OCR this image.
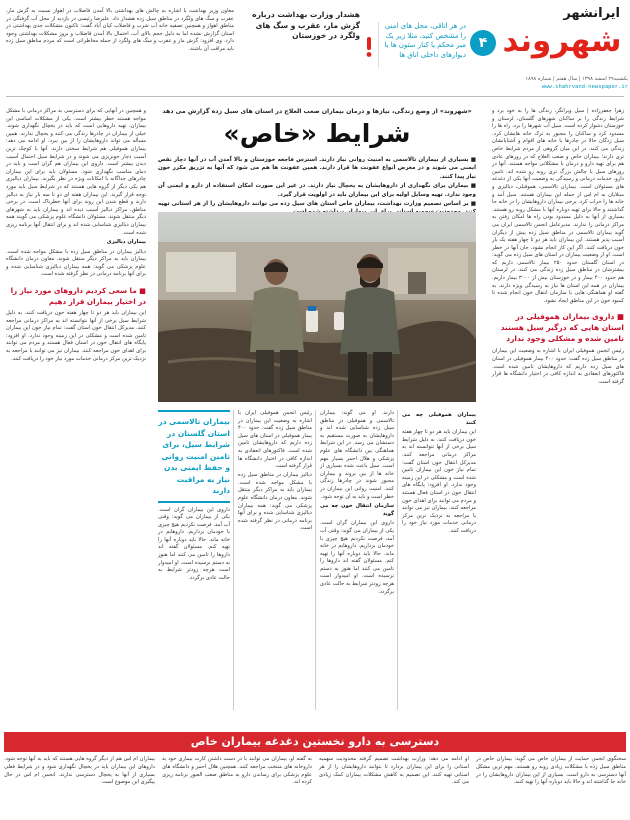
ایرانشهر
شهروند
۴
در هر اتاقی، محل های امنی را مشخص کنید، مثلا زیر یک میز محکم یا کنار ستون ها یا دیوارهای داخلی اتاق ها
یکشنبه۲۹ اسفند ۱۳۹۸ | سال هفتم | شماره ۱۸۹۸
www.shahrvand-newspaper.ir
هشدار وزارت بهداشت درباره گزش مار، عقرب و سگ های ولگرد در خوزستان
معاون وزیر بهداشت با اشاره به چالش های بهداشتی بالا آمدن فاضلاب در اهواز نسبت به گزش مار، عقرب و سگ های ولگرد در مناطق سیل زده هشدار داد. علیرضا رئیسی در بازدید از محل آب گرفتگی در مناطق اهواز و همچنین تصفیه خانه آب شرب و فاضلاب کیان آباد گفت: تاکنون مشکلات جدی بهداشتی در استان گزارش نشده اما به دلیل حجم بالای آب، احتمال بالا آمدن فاضلاب و بروز مشکلات بهداشتی وجود دارد. وی افزود: گزش مار و عقرب و سگ های ولگرد از جمله مخاطراتی است که مردم مناطق سیل زده باید مراقب آن باشند.

زهرا جعفرزاده | سیل ویرانگر، زندگی ها را به خود برد و شرایط زندگی را بر ساکنان شهرهای گلستان، لرستان و خوزستان دشوار کرده است. سیل آب شهرها را برد، راه ها را مسدود کرد و ساکنان را مجبور به ترک خانه هایشان کرد. سیل زدگان حالا در چادرها یا خانه های اقوام و آشنایانشان زندگی می کنند. در این میان گروهی از مردم شرایط خاص تری دارند؛ بیماران خاص و صعب العلاج که در روزهای عادی هم برای تهیه دارو و درمان با مشکلاتی مواجه هستند. آنها در روزهای سیل با چالش بزرگ تری روبه رو شده اند. تامین دارو، خدمات درمانی و رسیدگی به وضعیت آنها یکی از دغدغه های مسئولان است. بیماران تالاسمی، هموفیلی، دیالیزی و مبتلایان به ام اس از جمله این بیماران هستند. سیل آمد و خانه ها را خراب کرد. برخی بیماران داروهایشان را در خانه جا گذاشتند و حالا برای تهیه دوباره آنها با مشکل روبه رو هستند. بسیاری از آنها به دلیل مسدود بودن راه ها امکان رفتن به مراکز درمانی را ندارند. مدیرعامل انجمن تالاسمی ایران می گوید بیماران تالاسمی در مناطق سیل زده بیش از دیگران آسیب پذیر هستند. این بیماران باید هر دو تا چهار هفته یک بار خون دریافت کنند. اگر این کار انجام نشود، جان آنها در خطر است. او از وضعیت بیماران در استان های سیل زده می گوید: در استان گلستان حدود ۲۵۰ بیمار تالاسمی داریم که بیشترشان در مناطق سیل زده زندگی می کنند. در لرستان هم حدود ۴۰۰ بیمار و در خوزستان بیش از ۳۰۰۰ بیمار داریم. بیماران در همه این استان ها نیاز به رسیدگی ویژه دارند. به گفته او هماهنگی هایی با سازمان انتقال خون انجام شده تا کمبود خون در این مناطق ایجاد نشود.

■ داروی بیماران هموفیلی در استان هایی که درگیر سیل هستند تامین شده و مشکلی وجود ندارد

رئیس انجمن هموفیلی ایران با اشاره به وضعیت این بیماران در مناطق سیل زده گفت: حدود ۴۰۰ بیمار هموفیلی در استان های سیل زده داریم که داروهایشان تامین شده است. فاکتورهای انعقادی به اندازه کافی در اختیار دانشگاه ها قرار گرفته است.

و همچنین در آنهایی که برای دسترسی به مراکز درمانی با مشکل مواجه هستند خطر بیشتر است. یکی از مشکلات اساسی این بیماران، تهیه داروهایی است که باید در یخچال نگهداری شوند. خیلی از بیماران در چادرها زندگی می کنند و یخچال ندارند. همین مسأله می تواند داروهایشان را از بین ببرد. او ادامه می دهد: بیماران هموفیلی هم شرایط سختی دارند. آنها با کوچک ترین آسیب دچار خونریزی می شوند و در شرایط سیل احتمال آسیب دیدن بیشتر است. داروی این بیماران هم گران است و باید در دمای مناسب نگهداری شود. مسئولان باید برای این بیماران چادرهای جداگانه با امکانات ویژه در نظر بگیرند. بیماران دیالیزی هم یکی دیگر از گروه هایی هستند که در شرایط سیل باید مورد توجه قرار گیرند. این بیماران هفته ای دو تا سه بار نیاز به دیالیز دارند و قطع شدن این روند برای آنها خطرناک است. در برخی مناطق، مراکز دیالیز آسیب دیده اند و بیماران باید به شهرهای دیگر منتقل شوند. مسئولان دانشگاه علوم پزشکی می گویند همه بیماران دیالیزی شناسایی شده اند و برای انتقال آنها برنامه ریزی شده است.

بیماران دیالیزی

دیالیز بیماران در مناطق سیل زده با مشکل مواجه شده است. بیماران باید به مراکز دیگر منتقل شوند. معاون درمان دانشگاه علوم پزشکی می گوید: همه بیماران دیالیزی شناسایی شده و برای آنها برنامه درمانی در نظر گرفته شده است.

■ ما سعی کردیم داروهای مورد نیاز را در اختیار بیماران قرار دهیم

این بیماران باید هر دو تا چهار هفته خون دریافت کنند. به دلیل شرایط سیل برخی از آنها نتوانسته اند به مراکز درمانی مراجعه کنند. مدیرکل انتقال خون استان گفت: تمام نیاز خون این بیماران تامین شده است و مشکلی در این زمینه وجود ندارد. او افزود: پایگاه های انتقال خون در استان فعال هستند و مردم می توانند برای اهدای خون مراجعه کنند. بیماران نیز می توانند با مراجعه به نزدیک ترین مرکز درمانی خدمات مورد نیاز خود را دریافت کنند.

«شهروند» از وضع زندگی، نیازها و درمان بیماران صعب العلاج در استان های سیل زده گزارش می دهد
شرایط «خاص»

■ بسیاری از بیماران تالاسمی به امنیت روانی نیاز دارند. استرس فاجعه خوزستان و بالا آمدن آب در آنها دچار نقص ایمنی می شوند و در معرض انواع عفونت ها قرار دارند. همین عفونت ها هم می شود که آنها به تزریق مکرر خون نیاز پیدا کنند.

■ بیماران برای نگهداری از داروهایشان به یخچال نیاز دارند. در غیر این صورت امکان استفاده از دارو و ایمنی آن وجود ندارد. تهیه وسایل اولیه برای این بیماران باید در اولویت قرار گیرد.

■ بر اساس تصمیم وزارت بهداشت، بیماران خاص استان های سیل زده می توانند داروهایشان را از هر استانی تهیه

بیماران هموفیلی چه می کنند

این بیماران باید هر دو تا چهار هفته خون دریافت کنند. به دلیل شرایط سیل برخی از آنها نتوانسته اند به مراکز درمانی مراجعه کنند. مدیرکل انتقال خون استان گفت: تمام نیاز خون این بیماران تامین شده است و مشکلی در این زمینه وجود ندارد. او افزود: پایگاه های انتقال خون در استان فعال هستند و مردم می توانند برای اهدای خون مراجعه کنند. بیماران نیز می توانند با مراجعه به نزدیک ترین مرکز درمانی خدمات مورد نیاز خود را دریافت کنند.

دارند. او می گوید: بیماران تالاسمی و هموفیلی در مناطق سیل زده شناسایی شده اند و داروهایشان به صورت مستقیم به دستشان می رسد. در این شرایط هماهنگی بین دانشگاه های علوم پزشکی و هلال احمر بسیار مهم است. سیل باعث شده بسیاری از خانه ها از بین بروند و بیماران مجبور شوند در چادرها زندگی کنند. امنیت روانی این بیماران در خطر است و باید به آن توجه شود.

سازمان انتقال خون چه می گوید

داروی این بیماران گران است. یکی از بیماران می گوید: وقتی آب آمد، فرصت نکردیم هیچ چیزی با خودمان برداریم. داروهایم در خانه ماند. حالا باید دوباره آنها را تهیه کنم. مسئولان گفته اند داروها را تامین می کنند اما هنوز به دستم نرسیده است. او امیدوار است هرچه زودتر شرایط به حالت عادی برگردد.

رئیس انجمن هموفیلی ایران با اشاره به وضعیت این بیماران در مناطق سیل زده گفت: حدود ۴۰۰ بیمار هموفیلی در استان های سیل زده داریم که داروهایشان تامین شده است. فاکتورهای انعقادی به اندازه کافی در اختیار دانشگاه ها قرار گرفته است.

دیالیز بیماران در مناطق سیل زده با مشکل مواجه شده است. بیماران باید به مراکز دیگر منتقل شوند. معاون درمان دانشگاه علوم پزشکی می گوید: همه بیماران دیالیزی شناسایی شده و برای آنها برنامه درمانی در نظر گرفته شده است.

بیماران تالاسمی در استان گلستان در شرایط سیل، برای تامین امنیت روانی و حفظ ایمنی بدن نیاز به مراقبت دارند
داروی این بیماران گران است. یکی از بیماران می گوید: وقتی آب آمد، فرصت نکردیم هیچ چیزی با خودمان برداریم. داروهایم در خانه ماند. حالا باید دوباره آنها را تهیه کنم. مسئولان گفته اند داروها را تامین می کنند اما هنوز به دستم نرسیده است. او امیدوار است هرچه زودتر شرایط به حالت عادی برگردد.
دسترسی به دارو نخستین دغدغه بیماران خاص
سخنگوی انجمن حمایت از بیماران خاص می گوید: بیماران خاص در مناطق سیل زده با مشکلات زیادی روبه رو هستند. مهم ترین مشکل آنها دسترسی به دارو است. بسیاری از این بیماران داروهایشان را در خانه جا گذاشته اند و حالا باید دوباره آنها را تهیه کنند.
او ادامه می دهد: وزارت بهداشت تصمیم گرفته محدودیت سهمیه استانی را برای این بیماران بردارد تا بتوانند داروهایشان را از هر استانی تهیه کنند. این تصمیم به کاهش مشکلات بیماران کمک زیادی می کند.
به گفته او، بیماران می توانند با در دست داشتن کارت بیماری خود به داروخانه های منتخب مراجعه کنند. همچنین هلال احمر و دانشگاه های علوم پزشکی برای رساندن دارو به مناطق صعب العبور برنامه ریزی کرده اند.
بیماران ام اس هم از دیگر گروه هایی هستند که باید به آنها توجه شود. داروهای این بیماران باید در یخچال نگهداری شود و در شرایط فعلی بسیاری از آنها به یخچال دسترسی ندارند. انجمن ام اس در حال پیگیری این موضوع است.
